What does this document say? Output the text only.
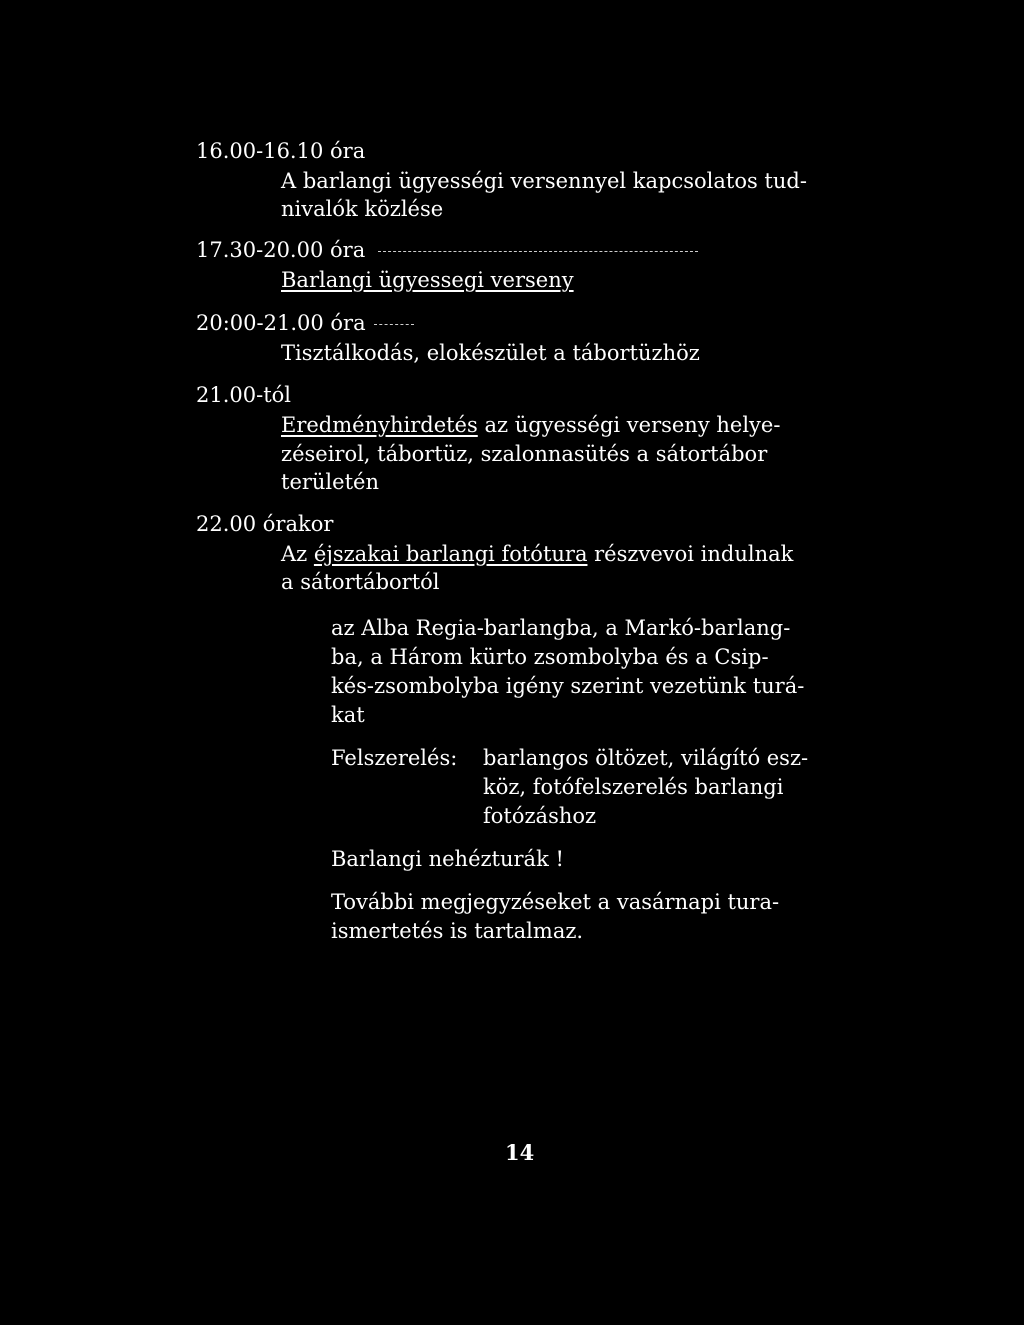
16.00-16.10 óra
A barlangi ügyességi versennyel kapcsolatos tud-
nivalók közlése
17.30-20.00 óra
Barlangi ügyessegi verseny
20:00-21.00 óra
Tisztálkodás, elokészület a tábortüzhöz
21.00-tól
Eredményhirdetés az ügyességi verseny helye-
zéseirol, tábortüz, szalonnasütés a sátortábor
területén
22.00 órakor
Az éjszakai barlangi fotótura részvevoi indulnak
a sátortábortól
az Alba Regia-barlangba, a Markó-barlang-
ba, a Három kürto zsombolyba és a Csip-
kés-zsombolyba igény szerint vezetünk turá-
kat
Felszerelés: barlangos öltözet, világító esz-
köz, fotófelszerelés barlangi
fotózáshoz
Barlangi nehézturák !
További megjegyzéseket a vasárnapi tura-
ismertetés is tartalmaz.
14
